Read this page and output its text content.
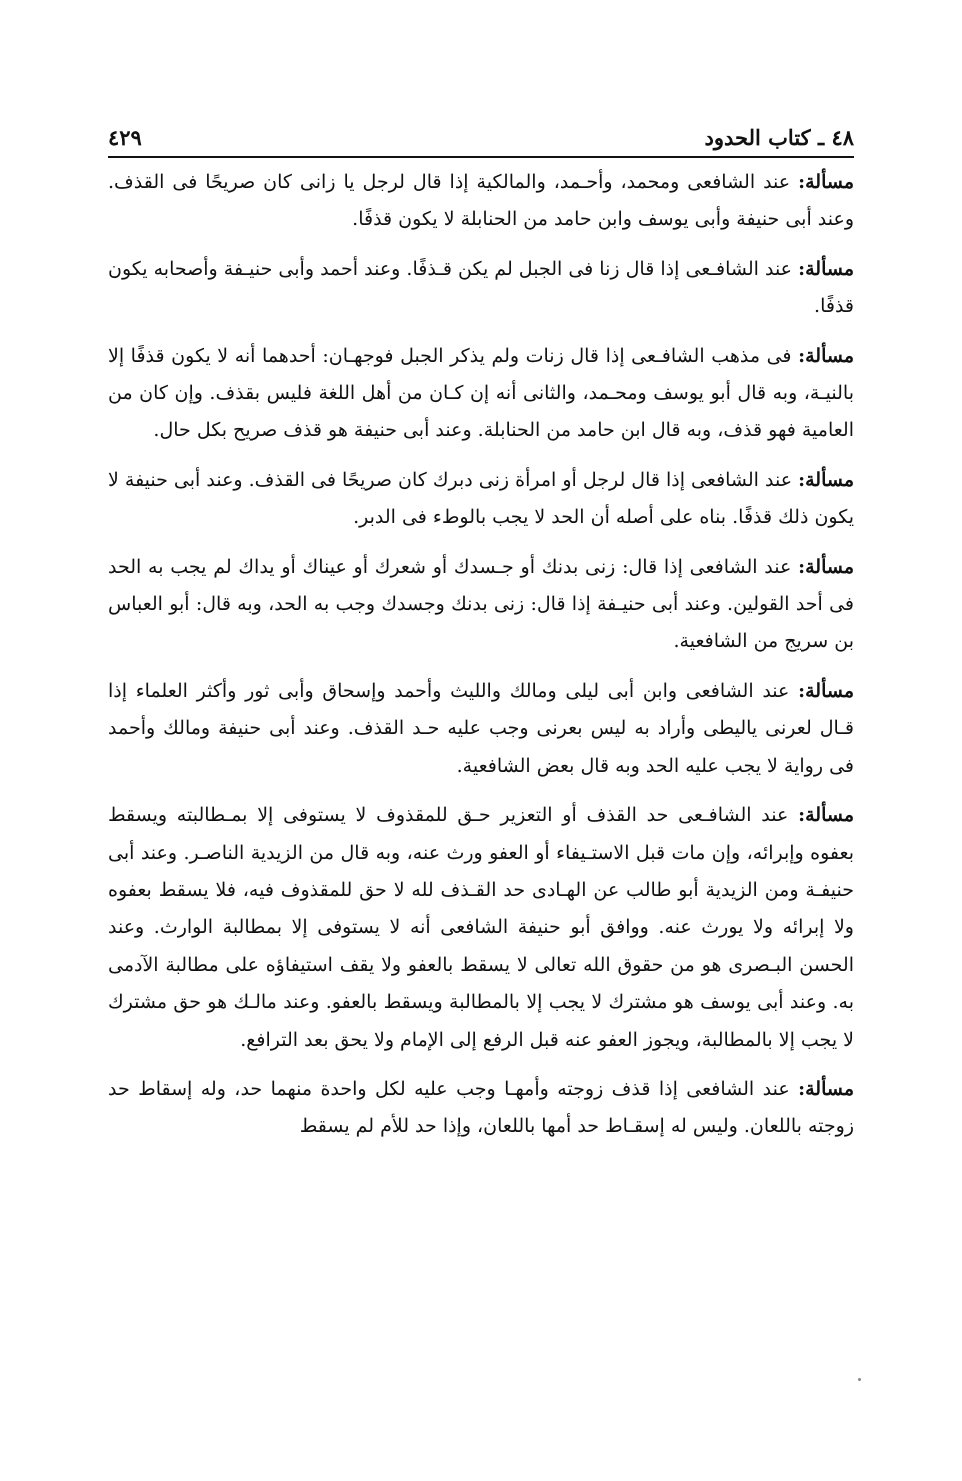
٤٨ ـ كتاب الحدود
٤٢٩

مسألة: عند الشافعى ومحمد، وأحـمد، والمالكية إذا قال لرجل يا زانى كان صريحًا فى القذف. وعند أبى حنيفة وأبى يوسف وابن حامد من الحنابلة لا يكون قذفًا.

مسألة: عند الشافـعى إذا قال زنا فى الجبل لم يكن قـذفًا. وعند أحمد وأبى حنيـفة وأصحابه يكون قذفًا.

مسألة: فى مذهب الشافـعى إذا قال زنات ولم يذكر الجبل فوجهـان: أحدهما أنه لا يكون قذفًا إلا بالنيـة، وبه قال أبو يوسف ومحـمد، والثانى أنه إن كـان من أهل اللغة فليس بقذف. وإن كان من العامية فهو قذف، وبه قال ابن حامد من الحنابلة. وعند أبى حنيفة هو قذف صريح بكل حال.

مسألة: عند الشافعى إذا قال لرجل أو امرأة زنى دبرك كان صريحًا فى القذف. وعند أبى حنيفة لا يكون ذلك قذفًا. بناه على أصله أن الحد لا يجب بالوطء فى الدبر.

مسألة: عند الشافعى إذا قال: زنى بدنك أو جـسدك أو شعرك أو عيناك أو يداك لم يجب به الحد فى أحد القولين. وعند أبى حنيـفة إذا قال: زنى بدنك وجسدك وجب به الحد، وبه قال: أبو العباس بن سريج من الشافعية.

مسألة: عند الشافعى وابن أبى ليلى ومالك والليث وأحمد وإسحاق وأبى ثور وأكثر العلماء إذا قـال لعرنى ياليطى وأراد به ليس بعرنى وجب عليه حـد القذف. وعند أبى حنيفة ومالك وأحمد فى رواية لا يجب عليه الحد وبه قال بعض الشافعية.

مسألة: عند الشافـعى حد القذف أو التعزير حـق للمقذوف لا يستوفى إلا بمـطالبته ويسقط بعفوه وإبرائه، وإن مات قبل الاستـيفاء أو العفو ورث عنه، وبه قال من الزيدية الناصـر. وعند أبى حنيفـة ومن الزيدية أبو طالب عن الهـادى حد القـذف لله لا حق للمقذوف فيه، فلا يسقط بعفوه ولا إبرائه ولا يورث عنه. ووافق أبو حنيفة الشافعى أنه لا يستوفى إلا بمطالبة الوارث. وعند الحسن البـصرى هو من حقوق الله تعالى لا يسقط بالعفو ولا يقف استيفاؤه على مطالبة الآدمى به. وعند أبى يوسف هو مشترك لا يجب إلا بالمطالبة ويسقط بالعفو. وعند مالـك هو حق مشترك لا يجب إلا بالمطالبة، ويجوز العفو عنه قبل الرفع إلى الإمام ولا يحق بعد الترافع.

مسألة: عند الشافعى إذا قذف زوجته وأمهـا وجب عليه لكل واحدة منهما حد، وله إسقاط حد زوجته باللعان. وليس له إسقـاط حد أمها باللعان، وإذا حد للأم لم يسقط
